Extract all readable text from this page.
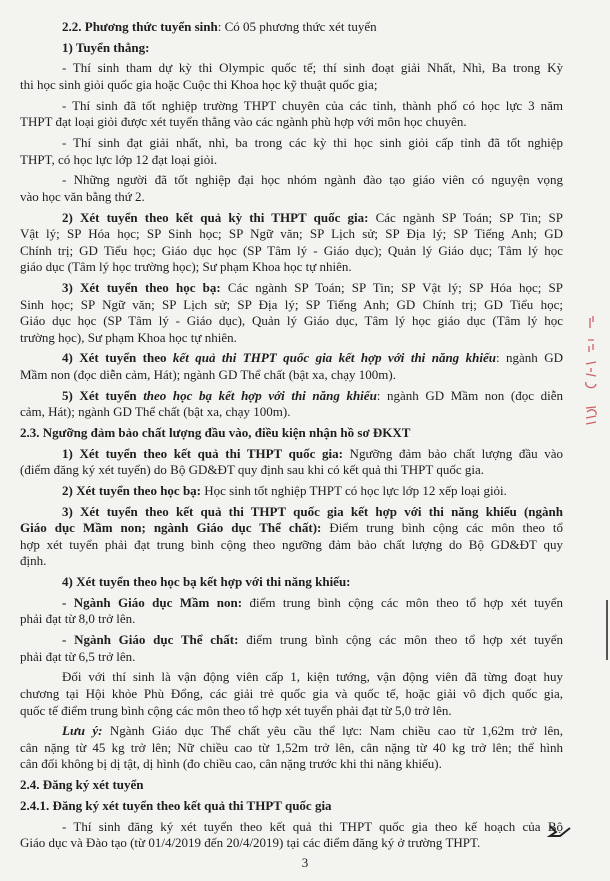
2.2. Phương thức tuyển sinh: Có 05 phương thức xét tuyển
1) Tuyển thẳng:
- Thí sinh tham dự kỳ thi Olympic quốc tế; thí sinh đoạt giải Nhất, Nhì, Ba trong Kỳ
thi học sinh giỏi quốc gia hoặc Cuộc thi Khoa học kỹ thuật quốc gia;
- Thí sinh đã tốt nghiệp trường THPT chuyên của các tỉnh, thành phố có học lực 3 năm
THPT đạt loại giỏi được xét tuyển thẳng vào các ngành phù hợp với môn học chuyên.
- Thí sinh đạt giải nhất, nhì, ba trong các kỳ thi học sinh giỏi cấp tỉnh đã tốt nghiệp
THPT, có học lực lớp 12 đạt loại giỏi.
- Những người đã tốt nghiệp đại học nhóm ngành đào tạo giáo viên có nguyện vọng
vào học văn bằng thứ 2.
2) Xét tuyển theo kết quả kỳ thi THPT quốc gia: Các ngành SP Toán; SP Tin; SP
Vật lý; SP Hóa học; SP Sinh học; SP Ngữ văn; SP Lịch sử; SP Địa lý; SP Tiếng Anh; GD
Chính trị; GD Tiểu học; Giáo dục học (SP Tâm lý - Giáo dục); Quản lý Giáo dục; Tâm lý học
giáo dục (Tâm lý học trường học); Sư phạm Khoa học tự nhiên.
3) Xét tuyển theo học bạ: Các ngành SP Toán; SP Tin; SP Vật lý; SP Hóa học; SP
Sinh học; SP Ngữ văn; SP Lịch sử; SP Địa lý; SP Tiếng Anh; GD Chính trị; GD Tiểu học;
Giáo dục học (SP Tâm lý - Giáo dục), Quản lý Giáo dục, Tâm lý học giáo dục (Tâm lý học
trường học), Sư phạm Khoa học tự nhiên.
4) Xét tuyển theo kết quả thi THPT quốc gia kết hợp với thi năng khiếu: ngành GD
Mầm non (đọc diễn cảm, Hát); ngành GD Thể chất (bật xa, chạy 100m).
5) Xét tuyển theo học bạ kết hợp với thi năng khiếu: ngành GD Mầm non (đọc diễn
cảm, Hát); ngành GD Thể chất (bật xa, chạy 100m).
2.3. Ngưỡng đảm bảo chất lượng đầu vào, điều kiện nhận hồ sơ ĐKXT
1) Xét tuyển theo kết quả thi THPT quốc gia: Ngưỡng đảm bảo chất lượng đầu vào
(điểm đăng ký xét tuyển) do Bộ GD&ĐT quy định sau khi có kết quả thi THPT quốc gia.
2) Xét tuyển theo học bạ: Học sinh tốt nghiệp THPT có học lực lớp 12 xếp loại giỏi.
3) Xét tuyển theo kết quả thi THPT quốc gia kết hợp với thi năng khiếu (ngành
Giáo dục Mầm non; ngành Giáo dục Thể chất): Điểm trung bình cộng các môn theo tổ
hợp xét tuyển phải đạt trung bình cộng theo ngưỡng đảm bảo chất lượng do Bộ GD&ĐT quy
định.
4) Xét tuyển theo học bạ kết hợp với thi năng khiếu:
- Ngành Giáo dục Mầm non: điểm trung bình cộng các môn theo tổ hợp xét tuyển
phải đạt từ 8,0 trở lên.
- Ngành Giáo dục Thể chất: điểm trung bình cộng các môn theo tổ hợp xét tuyển
phải đạt từ 6,5 trở lên.
Đối với thí sinh là vận động viên cấp 1, kiện tướng, vận động viên đã từng đoạt huy
chương tại Hội khỏe Phù Đổng, các giải trẻ quốc gia và quốc tế, hoặc giải vô địch quốc gia,
quốc tế điểm trung bình cộng các môn theo tổ hợp xét tuyển phải đạt từ 5,0 trở lên.
Lưu ý: Ngành Giáo dục Thể chất yêu cầu thể lực: Nam chiều cao từ 1,62m trở lên,
cân nặng từ 45 kg trở lên; Nữ chiều cao từ 1,52m trở lên, cân nặng từ 40 kg trở lên; thể hình
cân đối không bị dị tật, dị hình (đo chiều cao, cân nặng trước khi thi năng khiếu).
2.4. Đăng ký xét tuyển
2.4.1. Đăng ký xét tuyển theo kết quả thi THPT quốc gia
- Thí sinh đăng ký xét tuyển theo kết quả thi THPT quốc gia theo kế hoạch của Bộ
Giáo dục và Đào tạo (từ 01/4/2019 đến 20/4/2019) tại các điểm đăng ký ở trường THPT.
3
